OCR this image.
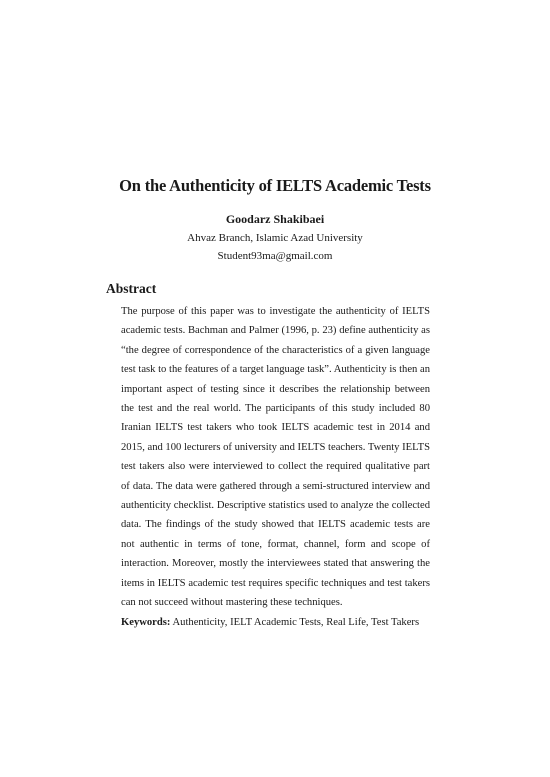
On the Authenticity of IELTS Academic Tests
Goodarz Shakibaei
Ahvaz Branch, Islamic Azad University
Student93ma@gmail.com
Abstract

The purpose of this paper was to investigate the authenticity of IELTS academic tests. Bachman and Palmer (1996, p. 23) define authenticity as “the degree of correspondence of the characteristics of a given language test task to the features of a target language task”. Authenticity is then an important aspect of testing since it describes the relationship between the test and the real world. The participants of this study included 80 Iranian IELTS test takers who took IELTS academic test in 2014 and 2015, and 100 lecturers of university and IELTS teachers. Twenty IELTS test takers also were interviewed to collect the required qualitative part of data. The data were gathered through a semi-structured interview and authenticity checklist. Descriptive statistics used to analyze the collected data. The findings of the study showed that IELTS academic tests are not authentic in terms of tone, format, channel, form and scope of interaction. Moreover, mostly the interviewees stated that answering the items in IELTS academic test requires specific techniques and test takers can not succeed without mastering these techniques.

Keywords: Authenticity, IELT Academic Tests, Real Life, Test Takers
